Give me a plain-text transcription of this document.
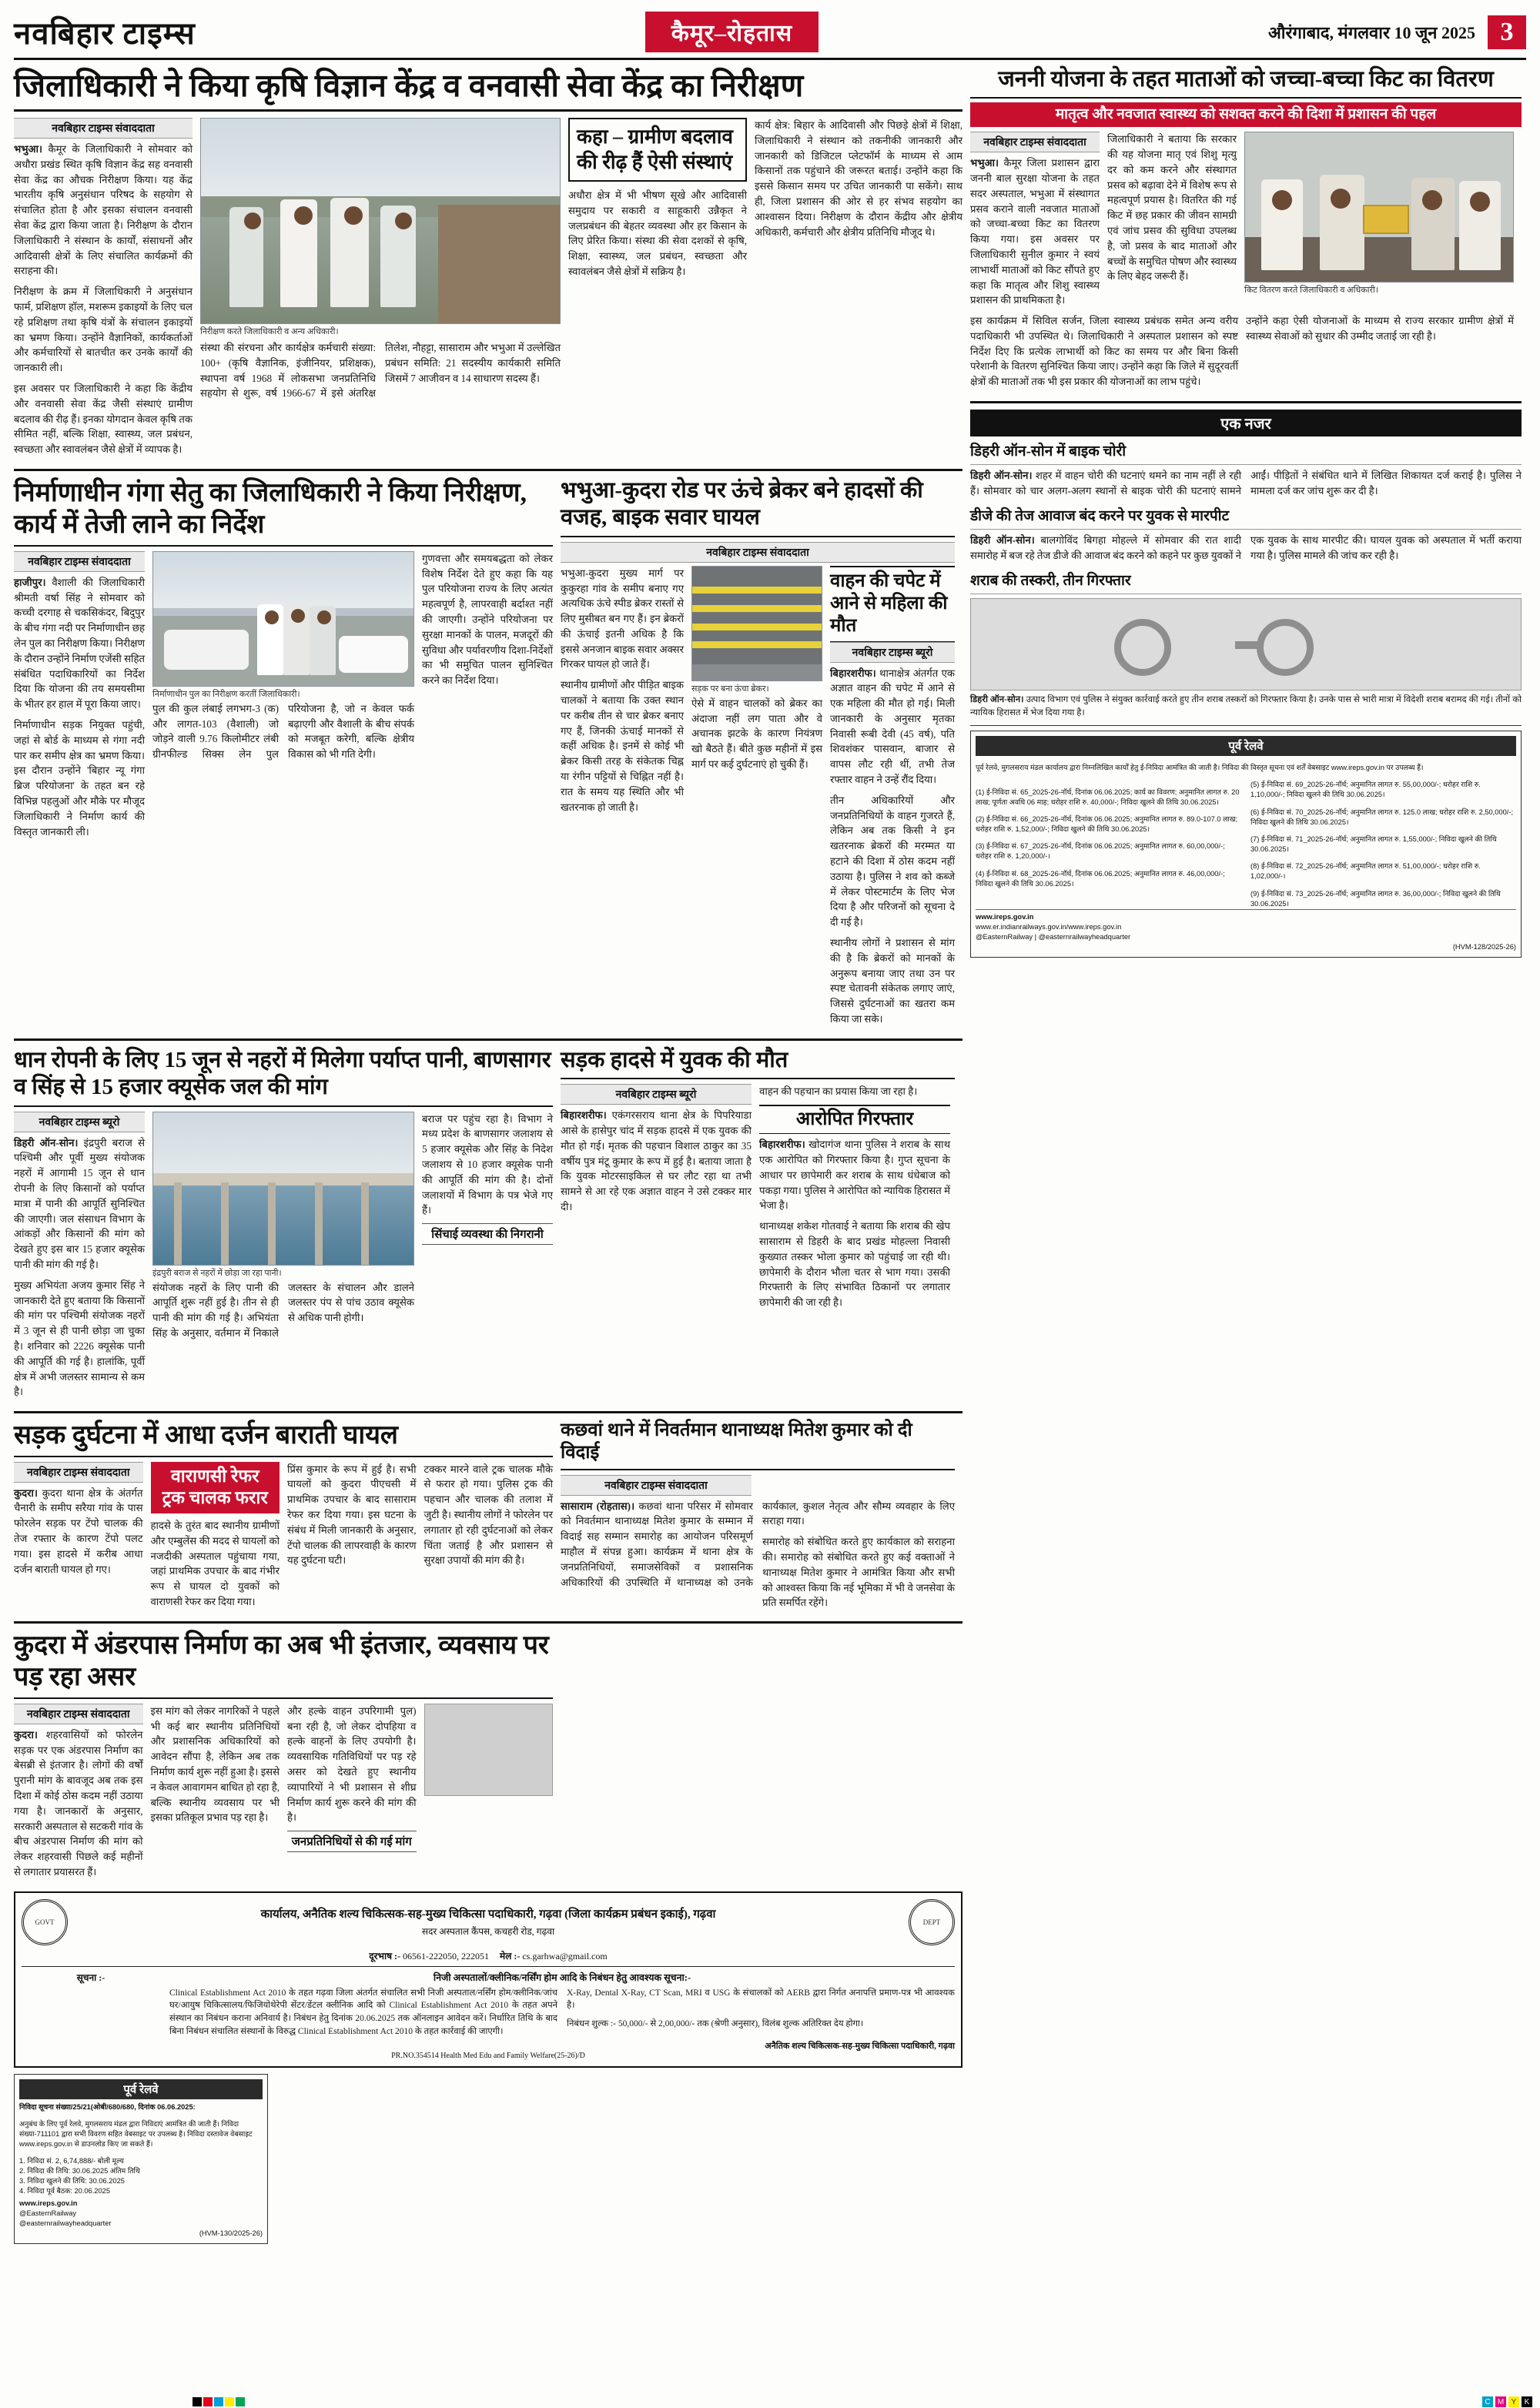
नवबिहार टाइम्स	कैमूर–रोहतास	औरंगाबाद, मंगलवार 10 जून 2025 3
जिलाधिकारी ने किया कृषि विज्ञान केंद्र व वनवासी सेवा केंद्र का निरीक्षण
नवबिहार टाइम्स संवाददाता

भभुआ। कैमूर के जिलाधिकारी ने सोमवार को अधौरा प्रखंड स्थित कृषि विज्ञान केंद्र सह वनवासी सेवा केंद्र का औचक निरीक्षण किया। यह केंद्र भारतीय कृषि अनुसंधान परिषद के सहयोग से संचालित होता है और इसका संचालन वनवासी सेवा केंद्र द्वारा किया जाता है। निरीक्षण के दौरान जिलाधिकारी ने संस्थान के कार्यों, संसाधनों और आदिवासी क्षेत्रों के लिए संचालित कार्यक्रमों की सराहना की।

निरीक्षण के क्रम में जिलाधिकारी ने अनुसंधान फार्म, प्रशिक्षण हॉल, मशरूम इकाइयों के लिए चल रहे प्रशिक्षण तथा कृषि यंत्रों के संचालन इकाइयों का भ्रमण किया। उन्होंने वैज्ञानिकों, कार्यकर्ताओं और कर्मचारियों से बातचीत कर उनके कार्यों की जानकारी ली।

इस अवसर पर जिलाधिकारी ने कहा कि केंद्रीय और वनवासी सेवा केंद्र जैसी संस्थाएं ग्रामीण बदलाव की रीढ़ हैं। इनका योगदान केवल कृषि तक सीमित नहीं, बल्कि शिक्षा, स्वास्थ्य, जल प्रबंधन, स्वच्छता और स्वावलंबन जैसे क्षेत्रों में व्यापक है।

निरीक्षण करते जिलाधिकारी व अन्य अधिकारी।

संस्था की संरचना और कार्यक्षेत्र कर्मचारी संख्या: 100+ (कृषि वैज्ञानिक, इंजीनियर, प्रशिक्षक), स्थापना वर्ष 1968 में लोकसभा जनप्रतिनिधि सहयोग से शुरू, वर्ष 1966-67 में इसे अंतरिक्ष तिलेश, नौहट्टा, सासाराम और भभुआ में उल्लेखित प्रबंधन समिति: 21 सदस्यीय कार्यकारी समिति जिसमें 7 आजीवन व 14 साधारण सदस्य हैं।

कहा – ग्रामीण बदलाव की रीढ़ हैं ऐसी संस्थाएं
अधौरा क्षेत्र में भी भीषण सूखे और आदिवासी समुदाय पर सकारी व साहूकारी उन्नैकृत ने जलप्रबंधन की बेहतर व्यवस्था और हर किसान के लिए प्रेरित किया। संस्था की सेवा दशकों से कृषि, शिक्षा, स्वास्थ्य, जल प्रबंधन, स्वच्छता और स्वावलंबन जैसे क्षेत्रों में सक्रिय है।

कार्य क्षेत्र: बिहार के आदिवासी और पिछड़े क्षेत्रों में शिक्षा, जिलाधिकारी ने संस्थान को तकनीकी जानकारी और जानकारी को डिजिटल प्लेटफॉर्म के माध्यम से आम किसानों तक पहुंचाने की जरूरत बताई। उन्होंने कहा कि इससे किसान समय पर उचित जानकारी पा सकेंगे। साथ ही, जिला प्रशासन की ओर से हर संभव सहयोग का आश्वासन दिया। निरीक्षण के दौरान केंद्रीय और क्षेत्रीय अधिकारी, कर्मचारी और क्षेत्रीय प्रतिनिधि मौजूद थे।

निर्माणाधीन गंगा सेतु का जिलाधिकारी ने किया निरीक्षण, कार्य में तेजी लाने का निर्देश
नवबिहार टाइम्स संवाददाता

हाजीपुर। वैशाली की जिलाधिकारी श्रीमती वर्षा सिंह ने सोमवार को कच्ची दरगाह से चकसिकंदर, बिदुपुर के बीच गंगा नदी पर निर्माणाधीन छह लेन पुल का निरीक्षण किया। निरीक्षण के दौरान उन्होंने निर्माण एजेंसी सहित संबंधित पदाधिकारियों का निर्देश दिया कि योजना की तय समयसीमा के भीतर हर हाल में पूरा किया जाए।

निर्माणाधीन सड़क नियुक्त पहुंची, जहां से बोर्ड के माध्यम से गंगा नदी पार कर समीप क्षेत्र का भ्रमण किया। इस दौरान उन्होंने 'बिहार न्यू गंगा ब्रिज परियोजना' के तहत बन रहे विभिन्न पहलुओं और मौके पर मौजूद जिलाधिकारी ने निर्माण कार्य की विस्तृत जानकारी ली।

निर्माणाधीन पुल का निरीक्षण करतीं जिलाधिकारी।

पुल की कुल लंबाई लगभग-3 (क) और लागत-103 (वैशाली) जो जोड़ने वाली 9.76 किलोमीटर लंबी ग्रीनफील्ड सिक्स लेन पुल परियोजना है, जो न केवल फर्क बढ़ाएगी और वैशाली के बीच संपर्क को मजबूत करेगी, बल्कि क्षेत्रीय विकास को भी गति देगी।

गुणवत्ता और समयबद्धता को लेकर विशेष निर्देश देते हुए कहा कि यह पुल परियोजना राज्य के लिए अत्यंत महत्वपूर्ण है, लापरवाही बर्दाश्त नहीं की जाएगी। उन्होंने परियोजना पर सुरक्षा मानकों के पालन, मजदूरों की सुविधा और पर्यावरणीय दिशा-निर्देशों का भी समुचित पालन सुनिश्चित करने का निर्देश दिया।

भभुआ-कुदरा रोड पर ऊंचे ब्रेकर बने हादसों की वजह, बाइक सवार घायल
नवबिहार टाइम्स संवाददाता

भभुआ-कुदरा मुख्य मार्ग पर कुकुरहा गांव के समीप बनाए गए अत्यधिक ऊंचे स्पीड ब्रेकर रास्तों से लिए मुसीबत बन गए हैं। इन ब्रेकरों की ऊंचाई इतनी अधिक है कि इससे अनजान बाइक सवार अक्सर गिरकर घायल हो जाते हैं।

स्थानीय ग्रामीणों और पीड़ित बाइक चालकों ने बताया कि उक्त स्थान पर करीब तीन से चार ब्रेकर बनाए गए हैं, जिनकी ऊंचाई मानकों से कहीं अधिक है। इनमें से कोई भी ब्रेकर किसी तरह के संकेतक चिह्न या रंगीन पट्टियों से चिह्नित नहीं है। रात के समय यह स्थिति और भी खतरनाक हो जाती है।

सड़क पर बना ऊंचा ब्रेकर।

ऐसे में वाहन चालकों को ब्रेकर का अंदाजा नहीं लग पाता और वे अचानक झटके के कारण नियंत्रण खो बैठते हैं। बीते कुछ महीनों में इस मार्ग पर कई दुर्घटनाएं हो चुकी हैं।

वाहन की चपेट में आने से महिला की मौत
नवबिहार टाइम्स ब्यूरो

बिहारशरीफ। थानाक्षेत्र अंतर्गत एक अज्ञात वाहन की चपेट में आने से एक महिला की मौत हो गई। मिली जानकारी के अनुसार मृतका निवासी रूबी देवी (45 वर्ष), पति शिवशंकर पासवान, बाजार से वापस लौट रही थीं, तभी तेज रफ्तार वाहन ने उन्हें रौंद दिया।

तीन अधिकारियों और जनप्रतिनिधियों के वाहन गुजरते हैं, लेकिन अब तक किसी ने इन खतरनाक ब्रेकरों की मरम्मत या हटाने की दिशा में ठोस कदम नहीं उठाया है। पुलिस ने शव को कब्जे में लेकर पोस्टमार्टम के लिए भेज दिया है और परिजनों को सूचना दे दी गई है।

स्थानीय लोगों ने प्रशासन से मांग की है कि ब्रेकरों को मानकों के अनुरूप बनाया जाए तथा उन पर स्पष्ट चेतावनी संकेतक लगाए जाएं, जिससे दुर्घटनाओं का खतरा कम किया जा सके।

धान रोपनी के लिए 15 जून से नहरों में मिलेगा पर्याप्त पानी, बाणसागर व सिंह से 15 हजार क्यूसेक जल की मांग
नवबिहार टाइम्स ब्यूरो

डिहरी ऑन-सोन। इंद्रपुरी बराज से पश्चिमी और पूर्वी मुख्य संयोजक नहरों में आगामी 15 जून से धान रोपनी के लिए किसानों को पर्याप्त मात्रा में पानी की आपूर्ति सुनिश्चित की जाएगी। जल संसाधन विभाग के आंकड़ों और किसानों की मांग को देखते हुए इस बार 15 हजार क्यूसेक पानी की मांग की गई है।

मुख्य अभियंता अजय कुमार सिंह ने जानकारी देते हुए बताया कि किसानों की मांग पर पश्चिमी संयोजक नहरों में 3 जून से ही पानी छोड़ा जा चुका है। शनिवार को 2226 क्यूसेक पानी की आपूर्ति की गई है। हालांकि, पूर्वी क्षेत्र में अभी जलस्तर सामान्य से कम है।

इंद्रपुरी बराज से नहरों में छोड़ा जा रहा पानी।

संयोजक नहरों के लिए पानी की आपूर्ति शुरू नहीं हुई है। तीन से ही पानी की मांग की गई है। अभियंता सिंह के अनुसार, वर्तमान में निकाले जलस्तर के संचालन और डालने जलस्तर पंप से पांच उठाव क्यूसेक से अधिक पानी होगी।

बराज पर पहुंच रहा है। विभाग ने मध्य प्रदेश के बाणसागर जलाशय से 5 हजार क्यूसेक और सिंह के निदेश जलाशय से 10 हजार क्यूसेक पानी की आपूर्ति की मांग की है। दोनों जलाशयों में विभाग के पत्र भेजे गए हैं।

सिंचाई व्यवस्था की निगरानी
सड़क हादसे में युवक की मौत
नवबिहार टाइम्स ब्यूरो

बिहारशरीफ। एकंगरसराय थाना क्षेत्र के पिपरियाडा आसे के हासेपुर चांद में सड़क हादसे में एक युवक की मौत हो गई। मृतक की पहचान विशाल ठाकुर का 35 वर्षीय पुत्र मंटू कुमार के रूप में हुई है। बताया जाता है कि युवक मोटरसाइकिल से घर लौट रहा था तभी सामने से आ रहे एक अज्ञात वाहन ने उसे टक्कर मार दी।

वाहन की पहचान का प्रयास किया जा रहा है।

आरोपित गिरफ्तार

बिहारशरीफ। खोदागंज थाना पुलिस ने शराब के साथ एक आरोपित को गिरफ्तार किया है। गुप्त सूचना के आधार पर छापेमारी कर शराब के साथ धंधेबाज को पकड़ा गया। पुलिस ने आरोपित को न्यायिक हिरासत में भेजा है।

थानाध्यक्ष शकेश गोतवाई ने बताया कि शराब की खेप सासाराम से डिहरी के बाद प्रखंड मोहल्ला निवासी कुख्यात तस्कर भोला कुमार को पहुंचाई जा रही थी। छापेमारी के दौरान भौला चतर से भाग गया। उसकी गिरफ्तारी के लिए संभावित ठिकानों पर लगातार छापेमारी की जा रही है।

सड़क दुर्घटना में आधा दर्जन बाराती घायल
नवबिहार टाइम्स संवाददाता

कुदरा। कुदरा थाना क्षेत्र के अंतर्गत चैनारी के समीप सरैया गांव के पास फोरलेन सड़क पर टेंपो चालक की तेज रफ्तार के कारण टेंपो पलट गया। इस हादसे में करीब आधा दर्जन बाराती घायल हो गए।

वाराणसी रेफर ट्रक चालक फरार

हादसे के तुरंत बाद स्थानीय ग्रामीणों और एम्बुलेंस की मदद से घायलों को नजदीकी अस्पताल पहुंचाया गया, जहां प्राथमिक उपचार के बाद गंभीर रूप से घायल दो युवकों को वाराणसी रेफर कर दिया गया।

प्रिंस कुमार के रूप में हुई है। सभी घायलों को कुदरा पीएचसी में प्राथमिक उपचार के बाद सासाराम रेफर कर दिया गया। इस घटना के संबंध में मिली जानकारी के अनुसार, टेंपो चालक की लापरवाही के कारण यह दुर्घटना घटी।

टक्कर मारने वाले ट्रक चालक मौके से फरार हो गया। पुलिस ट्रक की पहचान और चालक की तलाश में जुटी है। स्थानीय लोगों ने फोरलेन पर लगातार हो रही दुर्घटनाओं को लेकर चिंता जताई है और प्रशासन से सुरक्षा उपायों की मांग की है।

कछवां थाने में निवर्तमान थानाध्यक्ष मितेश कुमार को दी विदाई
नवबिहार टाइम्स संवाददाता

सासाराम (रोहतास)। कछवां थाना परिसर में सोमवार को निवर्तमान थानाध्यक्ष मितेश कुमार के सम्मान में विदाई सह सम्मान समारोह का आयोजन परिसमूर्ण माहौल में संपन्न हुआ। कार्यक्रम में थाना क्षेत्र के जनप्रतिनिधियों, समाजसेविकों व प्रशासनिक अधिकारियों की उपस्थिति में थानाध्यक्ष को उनके कार्यकाल, कुशल नेतृत्व और सौम्य व्यवहार के लिए सराहा गया।

समारोह को संबोधित करते हुए कार्यकाल को सराहना की। समारोह को संबोधित करते हुए कई वक्ताओं ने थानाध्यक्ष मितेश कुमार ने आमंत्रित किया और सभी को आश्वस्त किया कि नई भूमिका में भी वे जनसेवा के प्रति समर्पित रहेंगे।

कुदरा में अंडरपास निर्माण का अब भी इंतजार, व्यवसाय पर पड़ रहा असर
नवबिहार टाइम्स संवाददाता

कुदरा। शहरवासियों को फोरलेन सड़क पर एक अंडरपास निर्माण का बेसब्री से इंतजार है। लोगों की वर्षों पुरानी मांग के बावजूद अब तक इस दिशा में कोई ठोस कदम नहीं उठाया गया है। जानकारों के अनुसार, सरकारी अस्पताल से सटकरी गांव के बीच अंडरपास निर्माण की मांग को लेकर शहरवासी पिछले कई महीनों से लगातार प्रयासरत हैं।

इस मांग को लेकर नागरिकों ने पहले भी कई बार स्थानीय प्रतिनिधियों और प्रशासनिक अधिकारियों को आवेदन सौंपा है, लेकिन अब तक निर्माण कार्य शुरू नहीं हुआ है। इससे न केवल आवागमन बाधित हो रहा है, बल्कि स्थानीय व्यवसाय पर भी इसका प्रतिकूल प्रभाव पड़ रहा है।

और हल्के वाहन उपरिगामी पुल) बना रही है, जो लेकर दोपहिया व हल्के वाहनों के लिए उपयोगी है। व्यवसायिक गतिविधियों पर पड़ रहे असर को देखते हुए स्थानीय व्यापारियों ने भी प्रशासन से शीघ्र निर्माण कार्य शुरू करने की मांग की है।

जनप्रतिनिधियों से की गई मांग
GOVT
कार्यालय, अनैतिक शल्य चिकित्सक-सह-मुख्य चिकित्सा पदाधिकारी, गढ़वा (जिला कार्यक्रम प्रबंधन इकाई), गढ़वा
सदर अस्पताल कैंपस, कचहरी रोड, गढ़वा
DEPT
दूरभाष :- 06561-222050, 222051 मेल :- cs.garhwa@gmail.com
सूचना :-	निजी अस्पतालों/क्लीनिक/नर्सिंग होम आदि के निबंधन हेतु आवश्यक सूचना:-

Clinical Establishment Act 2010 के तहत गढ़वा जिला अंतर्गत संचालित सभी निजी अस्पताल/नर्सिंग होम/क्लीनिक/जांच घर/आयुष चिकित्सालय/फिजियोथेरेपी सेंटर/डेंटल क्लीनिक आदि को Clinical Establishment Act 2010 के तहत अपने संस्थान का निबंधन कराना अनिवार्य है। निबंधन हेतु दिनांक 20.06.2025 तक ऑनलाइन आवेदन करें। निर्धारित तिथि के बाद बिना निबंधन संचालित संस्थानों के विरुद्ध Clinical Establishment Act 2010 के तहत कार्रवाई की जाएगी।

X-Ray, Dental X-Ray, CT Scan, MRI व USG के संचालकों को AERB द्वारा निर्गत अनापत्ति प्रमाण-पत्र भी आवश्यक है।

निबंधन शुल्क :- 50,000/- से 2,00,000/- तक (श्रेणी अनुसार), विलंब शुल्क अतिरिक्त देय होगा।

अनैतिक शल्य चिकित्सक-सह-मुख्य चिकित्सा पदाधिकारी, गढ़वा
PR.NO.354514 Health Med Edu and Family Welfare(25-26)/D
पूर्व रेलवे
निविदा सूचना संख्या/25/21(ओबी/680/680, दिनांक 06.06.2025:

अनुबंध के लिए पूर्व रेलवे, मुगलसराय मंडल द्वारा निविदाएं आमंत्रित की जाती हैं। निविदा संख्या-711101 द्वारा सभी विवरण सहित वेबसाइट पर उपलब्ध है। निविदा दस्तावेज वेबसाइट www.ireps.gov.in से डाउनलोड किए जा सकते हैं।

1. निविदा सं. 2, 6,74,888/- बोली मूल्य
2. निविदा की तिथि: 30.06.2025 अंतिम तिथि
3. निविदा खुलने की तिथि: 30.06.2025
4. निविदा पूर्व बैठक: 20.06.2025
www.ireps.gov.in
@EasternRailway
@easternrailwayheadquarter
(HVM-130/2025-26)
जननी योजना के तहत माताओं को जच्चा-बच्चा किट का वितरण
मातृत्व और नवजात स्वास्थ्य को सशक्त करने की दिशा में प्रशासन की पहल
नवबिहार टाइम्स संवाददाता

भभुआ। कैमूर जिला प्रशासन द्वारा जननी बाल सुरक्षा योजना के तहत सदर अस्पताल, भभुआ में संस्थागत प्रसव कराने वाली नवजात माताओं को जच्चा-बच्चा किट का वितरण किया गया। इस अवसर पर जिलाधिकारी सुनील कुमार ने स्वयं लाभार्थी माताओं को किट सौंपते हुए कहा कि मातृत्व और शिशु स्वास्थ्य प्रशासन की प्राथमिकता है।

जिलाधिकारी ने बताया कि सरकार की यह योजना मातृ एवं शिशु मृत्यु दर को कम करने और संस्थागत प्रसव को बढ़ावा देने में विशेष रूप से महत्वपूर्ण प्रयास है। वितरित की गई किट में छह प्रकार की जीवन सामग्री एवं जांच प्रसव की सुविधा उपलब्ध है, जो प्रसव के बाद माताओं और बच्चों के समुचित पोषण और स्वास्थ्य के लिए बेहद जरूरी हैं।

किट वितरण करते जिलाधिकारी व अधिकारी।

इस कार्यक्रम में सिविल सर्जन, जिला स्वास्थ्य प्रबंधक समेत अन्य वरीय पदाधिकारी भी उपस्थित थे। जिलाधिकारी ने अस्पताल प्रशासन को स्पष्ट निर्देश दिए कि प्रत्येक लाभार्थी को किट का समय पर और बिना किसी परेशानी के वितरण सुनिश्चित किया जाए। उन्होंने कहा कि जिले में सुदूरवर्ती क्षेत्रों की माताओं तक भी इस प्रकार की योजनाओं का लाभ पहुंचे।

उन्होंने कहा ऐसी योजनाओं के माध्यम से राज्य सरकार ग्रामीण क्षेत्रों में स्वास्थ्य सेवाओं को सुधार की उम्मीद जताई जा रही है।

एक नजर
डिहरी ऑन-सोन में बाइक चोरी

डिहरी ऑन-सोन। शहर में वाहन चोरी की घटनाएं थमने का नाम नहीं ले रही हैं। सोमवार को चार अलग-अलग स्थानों से बाइक चोरी की घटनाएं सामने आईं। पीड़ितों ने संबंधित थाने में लिखित शिकायत दर्ज कराई है। पुलिस ने मामला दर्ज कर जांच शुरू कर दी है।

डीजे की तेज आवाज बंद करने पर युवक से मारपीट

डिहरी ऑन-सोन। बालगोविंद बिगहा मोहल्ले में सोमवार की रात शादी समारोह में बज रहे तेज डीजे की आवाज बंद करने को कहने पर कुछ युवकों ने एक युवक के साथ मारपीट की। घायल युवक को अस्पताल में भर्ती कराया गया है। पुलिस मामले की जांच कर रही है।

शराब की तस्करी, तीन गिरफ्तार

डिहरी ऑन-सोन। उत्पाद विभाग एवं पुलिस ने संयुक्त कार्रवाई करते हुए तीन शराब तस्करों को गिरफ्तार किया है। उनके पास से भारी मात्रा में विदेशी शराब बरामद की गई। तीनों को न्यायिक हिरासत में भेज दिया गया है।

पूर्व रेलवे

पूर्व रेलवे, मुगलसराय मंडल कार्यालय द्वारा निम्नलिखित कार्यों हेतु ई-निविदा आमंत्रित की जाती है। निविदा की विस्तृत सूचना एवं शर्तें वेबसाइट www.ireps.gov.in पर उपलब्ध हैं।

(1) ई-निविदा सं. 65_2025-26-नॉर्थ, दिनांक 06.06.2025; कार्य का विवरण; अनुमानित लागत रु. 20 लाख; पूर्णता अवधि 06 माह; धरोहर राशि रु. 40,000/-; निविदा खुलने की तिथि 30.06.2025।

(2) ई-निविदा सं. 66_2025-26-नॉर्थ, दिनांक 06.06.2025; अनुमानित लागत रु. 89.0-107.0 लाख; धरोहर राशि रु. 1,52,000/-; निविदा खुलने की तिथि 30.06.2025।

(3) ई-निविदा सं. 67_2025-26-नॉर्थ, दिनांक 06.06.2025; अनुमानित लागत रु. 60,00,000/-; धरोहर राशि रु. 1,20,000/-।

(4) ई-निविदा सं. 68_2025-26-नॉर्थ, दिनांक 06.06.2025; अनुमानित लागत रु. 46,00,000/-; निविदा खुलने की तिथि 30.06.2025।

(5) ई-निविदा सं. 69_2025-26-नॉर्थ; अनुमानित लागत रु. 55,00,000/-; धरोहर राशि रु. 1,10,000/-; निविदा खुलने की तिथि 30.06.2025।

(6) ई-निविदा सं. 70_2025-26-नॉर्थ; अनुमानित लागत रु. 125.0 लाख; धरोहर राशि रु. 2,50,000/-; निविदा खुलने की तिथि 30.06.2025।

(7) ई-निविदा सं. 71_2025-26-नॉर्थ; अनुमानित लागत रु. 1,55,000/-; निविदा खुलने की तिथि 30.06.2025।

(8) ई-निविदा सं. 72_2025-26-नॉर्थ; अनुमानित लागत रु. 51,00,000/-; धरोहर राशि रु. 1,02,000/-।

(9) ई-निविदा सं. 73_2025-26-नॉर्थ; अनुमानित लागत रु. 36,00,000/-; निविदा खुलने की तिथि 30.06.2025।

www.ireps.gov.in
www.er.indianrailways.gov.in/www.ireps.gov.in
@EasternRailway | @easternrailwayheadquarter
(HVM-128/2025-26)
C M Y	K
